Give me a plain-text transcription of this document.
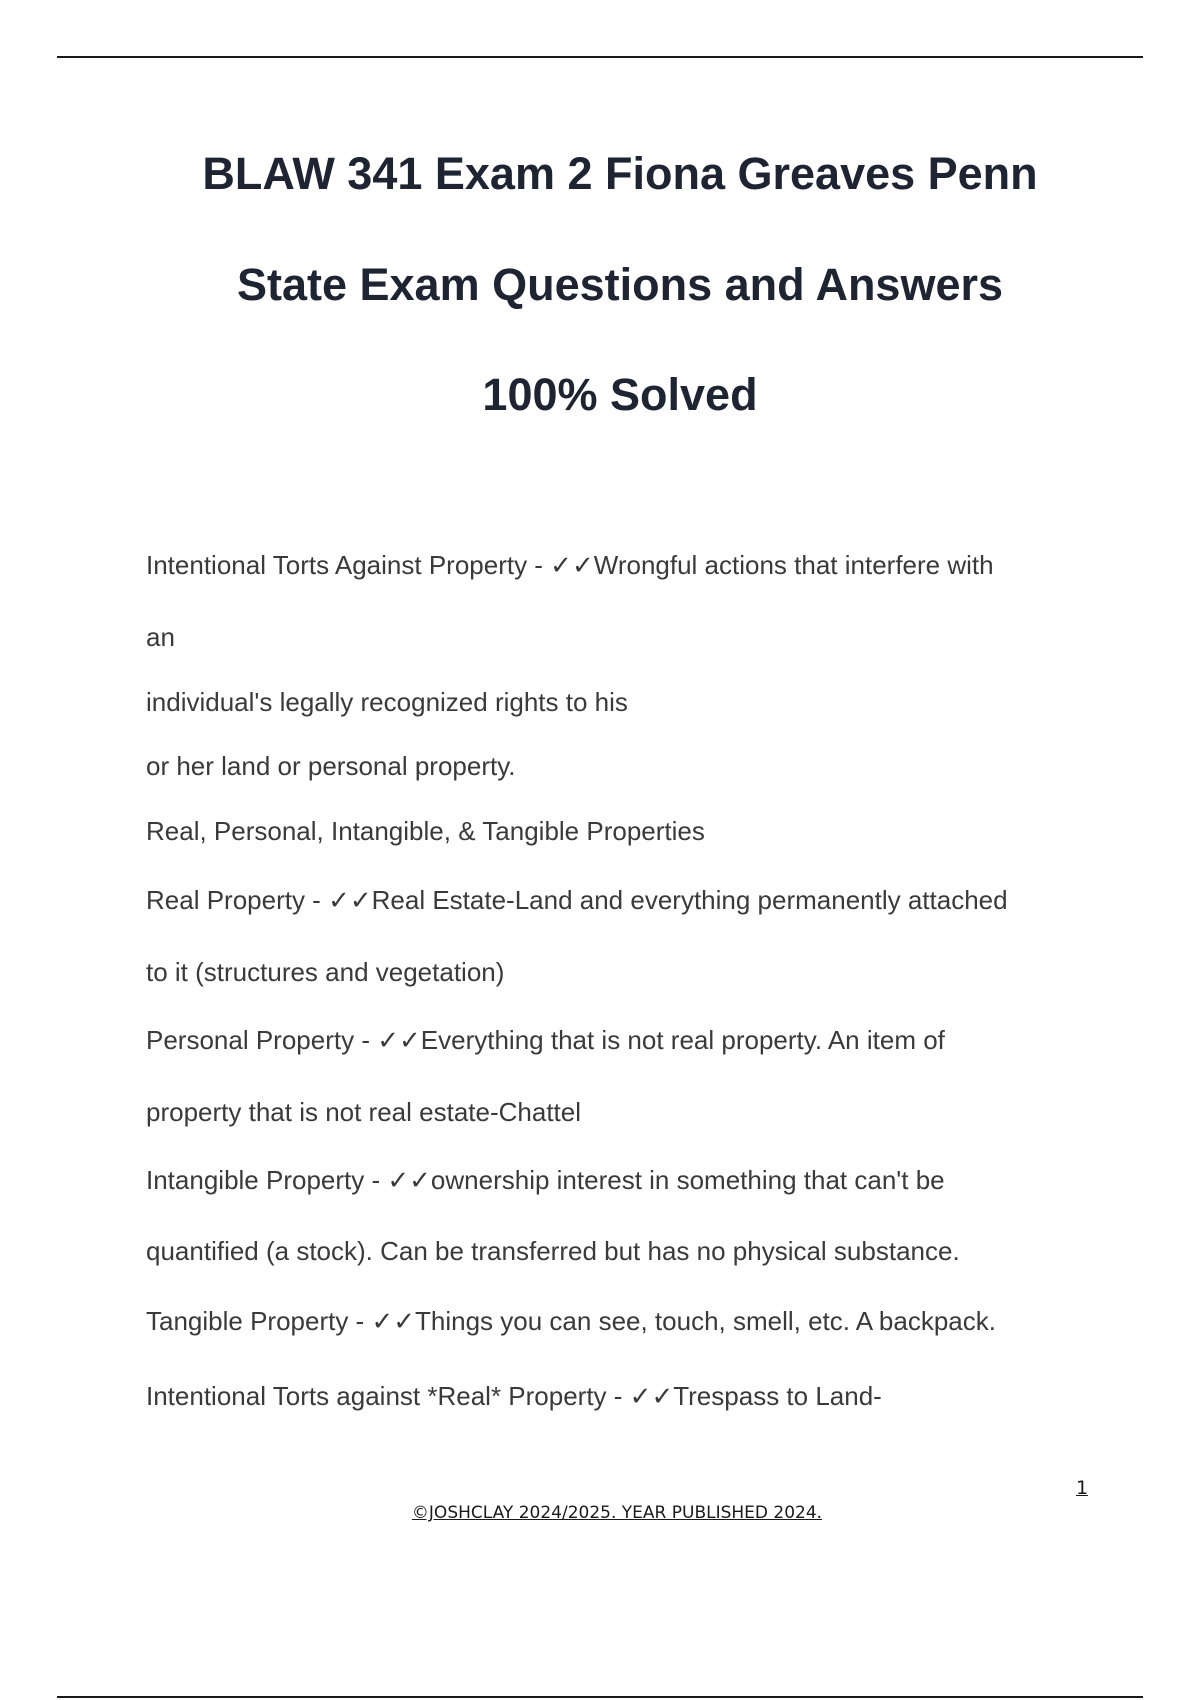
BLAW 341 Exam 2 Fiona Greaves Penn
State Exam Questions and Answers
100% Solved
Intentional Torts Against Property - ✓✓Wrongful actions that interfere with
an
individual's legally recognized rights to his
or her land or personal property.
Real, Personal, Intangible, & Tangible Properties
Real Property - ✓✓Real Estate-Land and everything permanently attached
to it (structures and vegetation)
Personal Property - ✓✓Everything that is not real property. An item of
property that is not real estate-Chattel
Intangible Property - ✓✓ownership interest in something that can't be
quantified (a stock). Can be transferred but has no physical substance.
Tangible Property - ✓✓Things you can see, touch, smell, etc. A backpack.
Intentional Torts against *Real* Property - ✓✓Trespass to Land-
1
©JOSHCLAY 2024/2025. YEAR PUBLISHED 2024.
